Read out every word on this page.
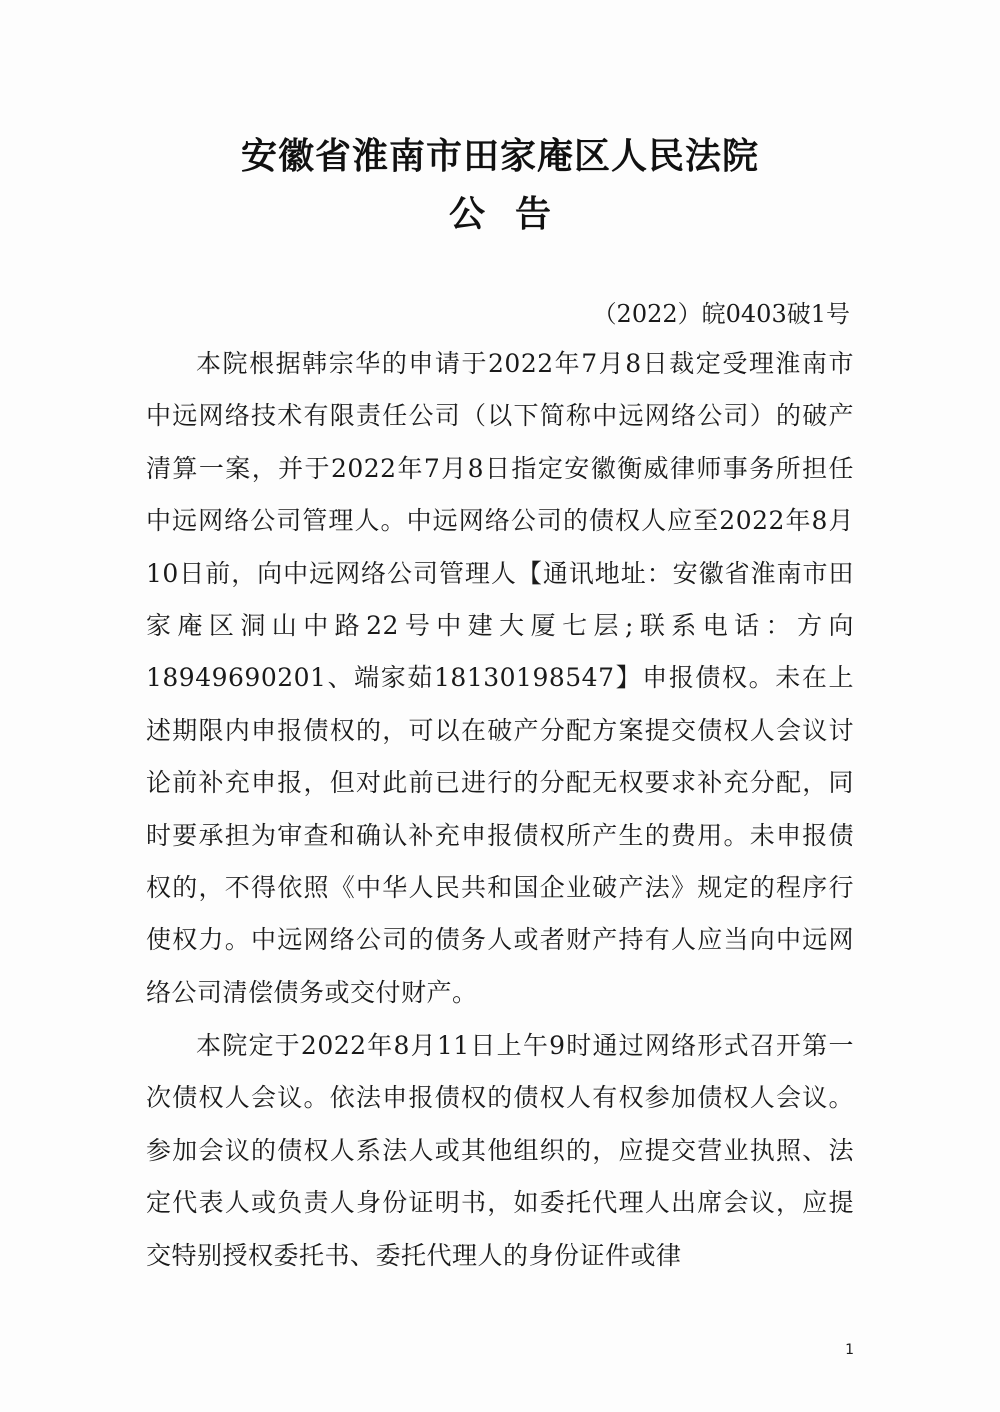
安徽省淮南市田家庵区人民法院
公告
（2022）皖0403破1号

本院根据韩宗华的申请于2022年7月8日裁定受理淮南市中远网络技术有限责任公司（以下简称中远网络公司）的破产清算一案，并于2022年7月8日指定安徽衡威律师事务所担任中远网络公司管理人。中远网络公司的债权人应至2022年8月10日前，向中远网络公司管理人【通讯地址：安徽省淮南市田家庵区洞山中路22号中建大厦七层;联系电话：方向18949690201、端家茹18130198547】申报债权。未在上述期限内申报债权的，可以在破产分配方案提交债权人会议讨论前补充申报，但对此前已进行的分配无权要求补充分配，同时要承担为审查和确认补充申报债权所产生的费用。未申报债权的，不得依照《中华人民共和国企业破产法》规定的程序行使权力。中远网络公司的债务人或者财产持有人应当向中远网络公司清偿债务或交付财产。

本院定于2022年8月11日上午9时通过网络形式召开第一次债权人会议。依法申报债权的债权人有权参加债权人会议。参加会议的债权人系法人或其他组织的，应提交营业执照、法定代表人或负责人身份证明书，如委托代理人出席会议，应提交特别授权委托书、委托代理人的身份证件或律

1
